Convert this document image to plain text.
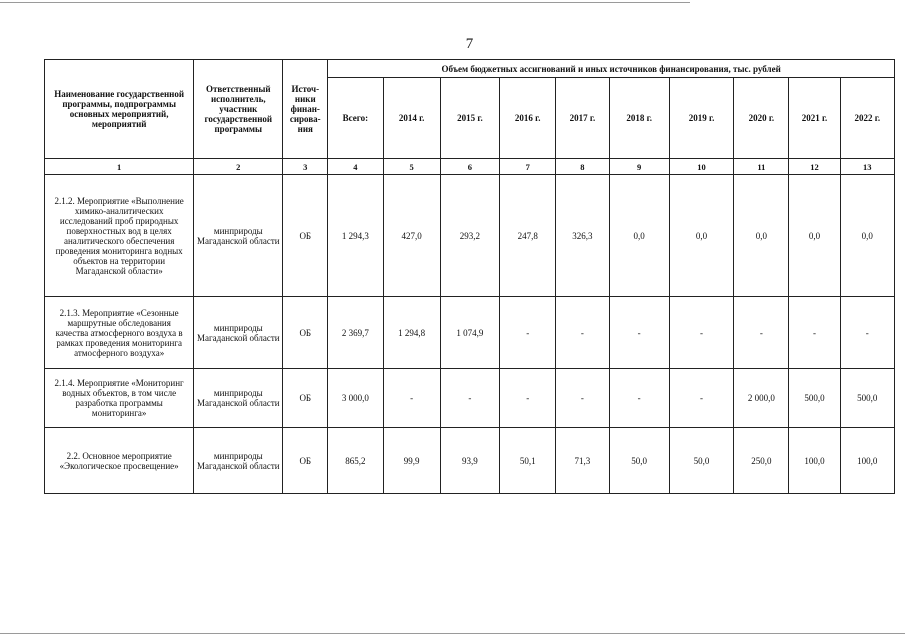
7
Наименование государственной программы, подпрограммы основных мероприятий, мероприятий	Ответственный исполнитель, участник государственной программы	Источ-ники финан-сирова-ния	Объем бюджетных ассигнований и иных источников финансирования, тыс. рублей									
			Всего:	2014 г.	2015 г.	2016 г.	2017 г.	2018 г.	2019 г.	2020 г.	2021 г.	2022 г.
1	2	3	4	5	6	7	8	9	10	11	12	13
2.1.2. Мероприятие «Выполнение химико-аналитических исследований проб природных поверхностных вод в целях аналитического обеспечения проведения мониторинга водных объектов на территории Магаданской области»	минприроды Магаданской области	ОБ	1 294,3	427,0	293,2	247,8	326,3	0,0	0,0	0,0	0,0	0,0
2.1.3. Мероприятие «Сезонные маршрутные обследования качества атмосферного воздуха в рамках проведения мониторинга атмосферного воздуха»	минприроды Магаданской области	ОБ	2 369,7	1 294,8	1 074,9	-	-	-	-	-	-	-
2.1.4. Мероприятие «Мониторинг водных объектов, в том числе разработка программы мониторинга»	минприроды Магаданской области	ОБ	3 000,0	-	-	-	-	-	-	2 000,0	500,0	500,0
2.2. Основное мероприятие «Экологическое просвещение»	минприроды Магаданской области	ОБ	865,2	99,9	93,9	50,1	71,3	50,0	50,0	250,0	100,0	100,0
